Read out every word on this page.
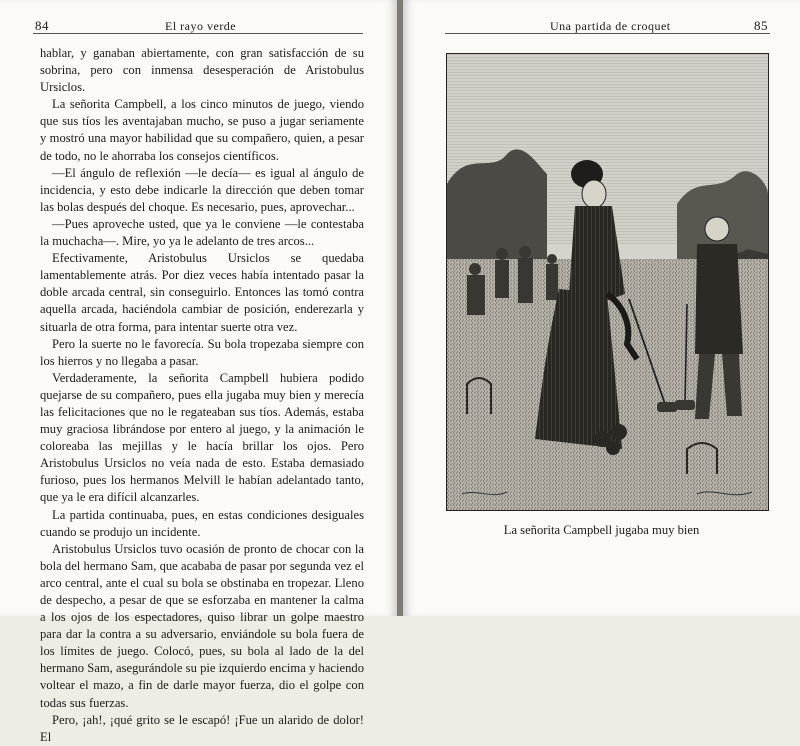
84	El rayo verde

hablar, y ganaban abiertamente, con gran satisfacción de su sobrina, pero con inmensa desesperación de Aristobulus Ursiclos.

La señorita Campbell, a los cinco minutos de juego, viendo que sus tíos les aventajaban mucho, se puso a jugar seriamente y mostró una mayor habilidad que su compañero, quien, a pesar de todo, no le ahorraba los consejos científicos.

—El ángulo de reflexión —le decía— es igual al ángulo de incidencia, y esto debe indicarle la dirección que deben tomar las bolas después del choque. Es necesario, pues, aprovechar...

—Pues aproveche usted, que ya le conviene —le contestaba la muchacha—. Mire, yo ya le adelanto de tres arcos...

Efectivamente, Aristobulus Ursiclos se quedaba lamentablemente atrás. Por diez veces había intentado pasar la doble arcada central, sin conseguirlo. Entonces las tomó contra aquella arcada, haciéndola cambiar de posición, enderezarla y situarla de otra forma, para intentar suerte otra vez.

Pero la suerte no le favorecía. Su bola tropezaba siempre con los hierros y no llegaba a pasar.

Verdaderamente, la señorita Campbell hubiera podido quejarse de su compañero, pues ella jugaba muy bien y merecía las felicitaciones que no le regateaban sus tíos. Además, estaba muy graciosa librándose por entero al juego, y la animación le coloreaba las mejillas y le hacía brillar los ojos. Pero Aristobulus Ursiclos no veía nada de esto. Estaba demasiado furioso, pues los hermanos Melvill le habían adelantado tanto, que ya le era difícil alcanzarles.

La partida continuaba, pues, en estas condiciones desiguales cuando se produjo un incidente.

Aristobulus Ursiclos tuvo ocasión de pronto de chocar con la bola del hermano Sam, que acababa de pasar por segunda vez el arco central, ante el cual su bola se obstinaba en tropezar. Lleno de despecho, a pesar de que se esforzaba en mantener la calma a los ojos de los espectadores, quiso librar un golpe maestro para dar la contra a su adversario, enviándole su bola fuera de los límites de juego. Colocó, pues, su bola al lado de la del hermano Sam, asegurándole su pie izquierdo encima y haciendo voltear el mazo, a fin de darle mayor fuerza, dio el golpe con todas sus fuerzas.

Pero, ¡ah!, ¡qué grito se le escapó! ¡Fue un alarido de dolor! El

Una partida de croquet	85
La señorita Campbell jugaba muy bien
